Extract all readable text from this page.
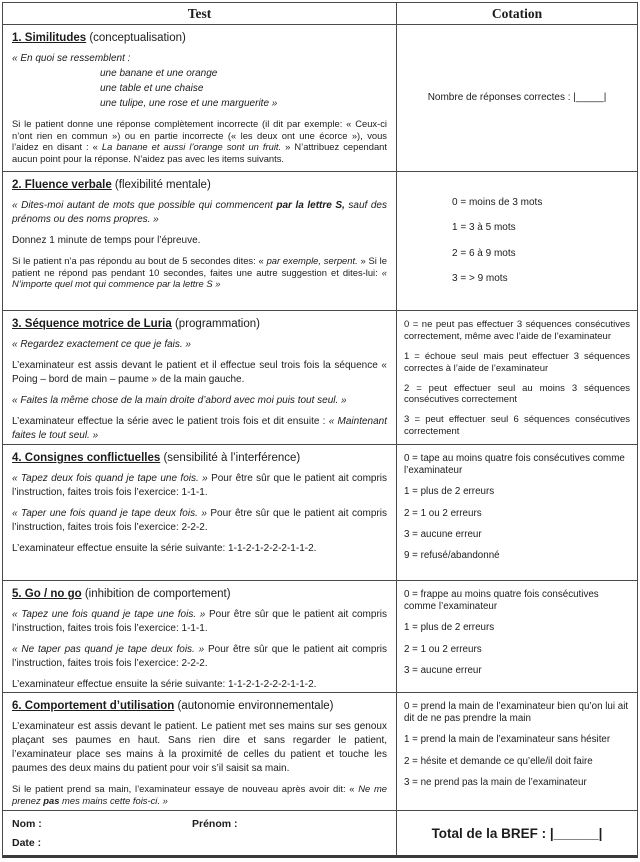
Test	Cotation
1. Similitudes (conceptualisation)
« En quoi se ressemblent :
une banane et une orange
une table et une chaise
une tulipe, une rose et une marguerite »
Si le patient donne une réponse complètement incorrecte (il dit par exemple: « Ceux-ci n’ont rien en commun ») ou en partie incorrecte (« les deux ont une écorce »), vous l’aidez en disant : « La banane et aussi l’orange sont un fruit. » N’attribuez cependant aucun point pour la réponse. N’aidez pas avec les items suivants.
Nombre de réponses correctes : |_____|
2. Fluence verbale (flexibilité mentale)
« Dites-moi autant de mots que possible qui commencent par la lettre S, sauf des prénoms ou des noms propres. »
Donnez 1 minute de temps pour l’épreuve.
Si le patient n’a pas répondu au bout de 5 secondes dites: « par exemple, serpent. » Si le patient ne répond pas pendant 10 secondes, faites une autre suggestion et dites-lui: « N’importe quel mot qui commence par la lettre S »
0 = moins de 3 mots
1 = 3 à 5 mots
2 = 6 à 9 mots
3 = > 9 mots
3. Séquence motrice de Luria (programmation)
« Regardez exactement ce que je fais. »
L’examinateur est assis devant le patient et il effectue seul trois fois la séquence « Poing – bord de main – paume » de la main gauche.
« Faites la même chose de la main droite d’abord avec moi puis tout seul. »
L’examinateur effectue la série avec le patient trois fois et dit ensuite : « Maintenant faites le tout seul. »
0 = ne peut pas effectuer 3 séquences consécutives correctement, même avec l’aide de l’examinateur
1 = échoue seul mais peut effectuer 3 séquences correctes à l’aide de l’examinateur
2 = peut effectuer seul au moins 3 séquences consécutives correctement
3 = peut effectuer seul 6 séquences consécutives correctement
4. Consignes conflictuelles (sensibilité à l’interférence)
« Tapez deux fois quand je tape une fois. » Pour être sûr que le patient ait compris l’instruction, faites trois fois l’exercice: 1-1-1.
« Taper une fois quand je tape deux fois. » Pour être sûr que le patient ait compris l’instruction, faites trois fois l’exercice: 2-2-2.
L’examinateur effectue ensuite la série suivante: 1-1-2-1-2-2-2-1-1-2.
0 = tape au moins quatre fois consécutives comme l’examinateur
1 = plus de 2 erreurs
2 = 1 ou 2 erreurs
3 = aucune erreur
9 = refusé/abandonné
5. Go / no go (inhibition de comportement)
« Tapez une fois quand je tape une fois. » Pour être sûr que le patient ait compris l’instruction, faites trois fois l’exercice: 1-1-1.
« Ne taper pas quand je tape deux fois. » Pour être sûr que le patient ait compris l’instruction, faites trois fois l’exercice: 2-2-2.
L’examinateur effectue ensuite la série suivante: 1-1-2-1-2-2-2-1-1-2.
0 = frappe au moins quatre fois consécutives comme l’examinateur
1 = plus de 2 erreurs
2 = 1 ou 2 erreurs
3 = aucune erreur
6. Comportement d’utilisation (autonomie environnementale)
L’examinateur est assis devant le patient. Le patient met ses mains sur ses genoux plaçant ses paumes en haut. Sans rien dire et sans regarder le patient, l’examinateur place ses mains à la proximité de celles du patient et touche les paumes des deux mains du patient pour voir s’il saisit sa main.
Si le patient prend sa main, l’examinateur essaye de nouveau après avoir dit: « Ne me prenez pas mes mains cette fois-ci. »
0 = prend la main de l’examinateur bien qu’on lui ait dit de ne pas prendre la main
1 = prend la main de l’examinateur sans hésiter
2 = hésite et demande ce qu’elle/il doit faire
3 = ne prend pas la main de l’examinateur
Nom :	Prénom :
Date :
Total de la BREF : |______|
